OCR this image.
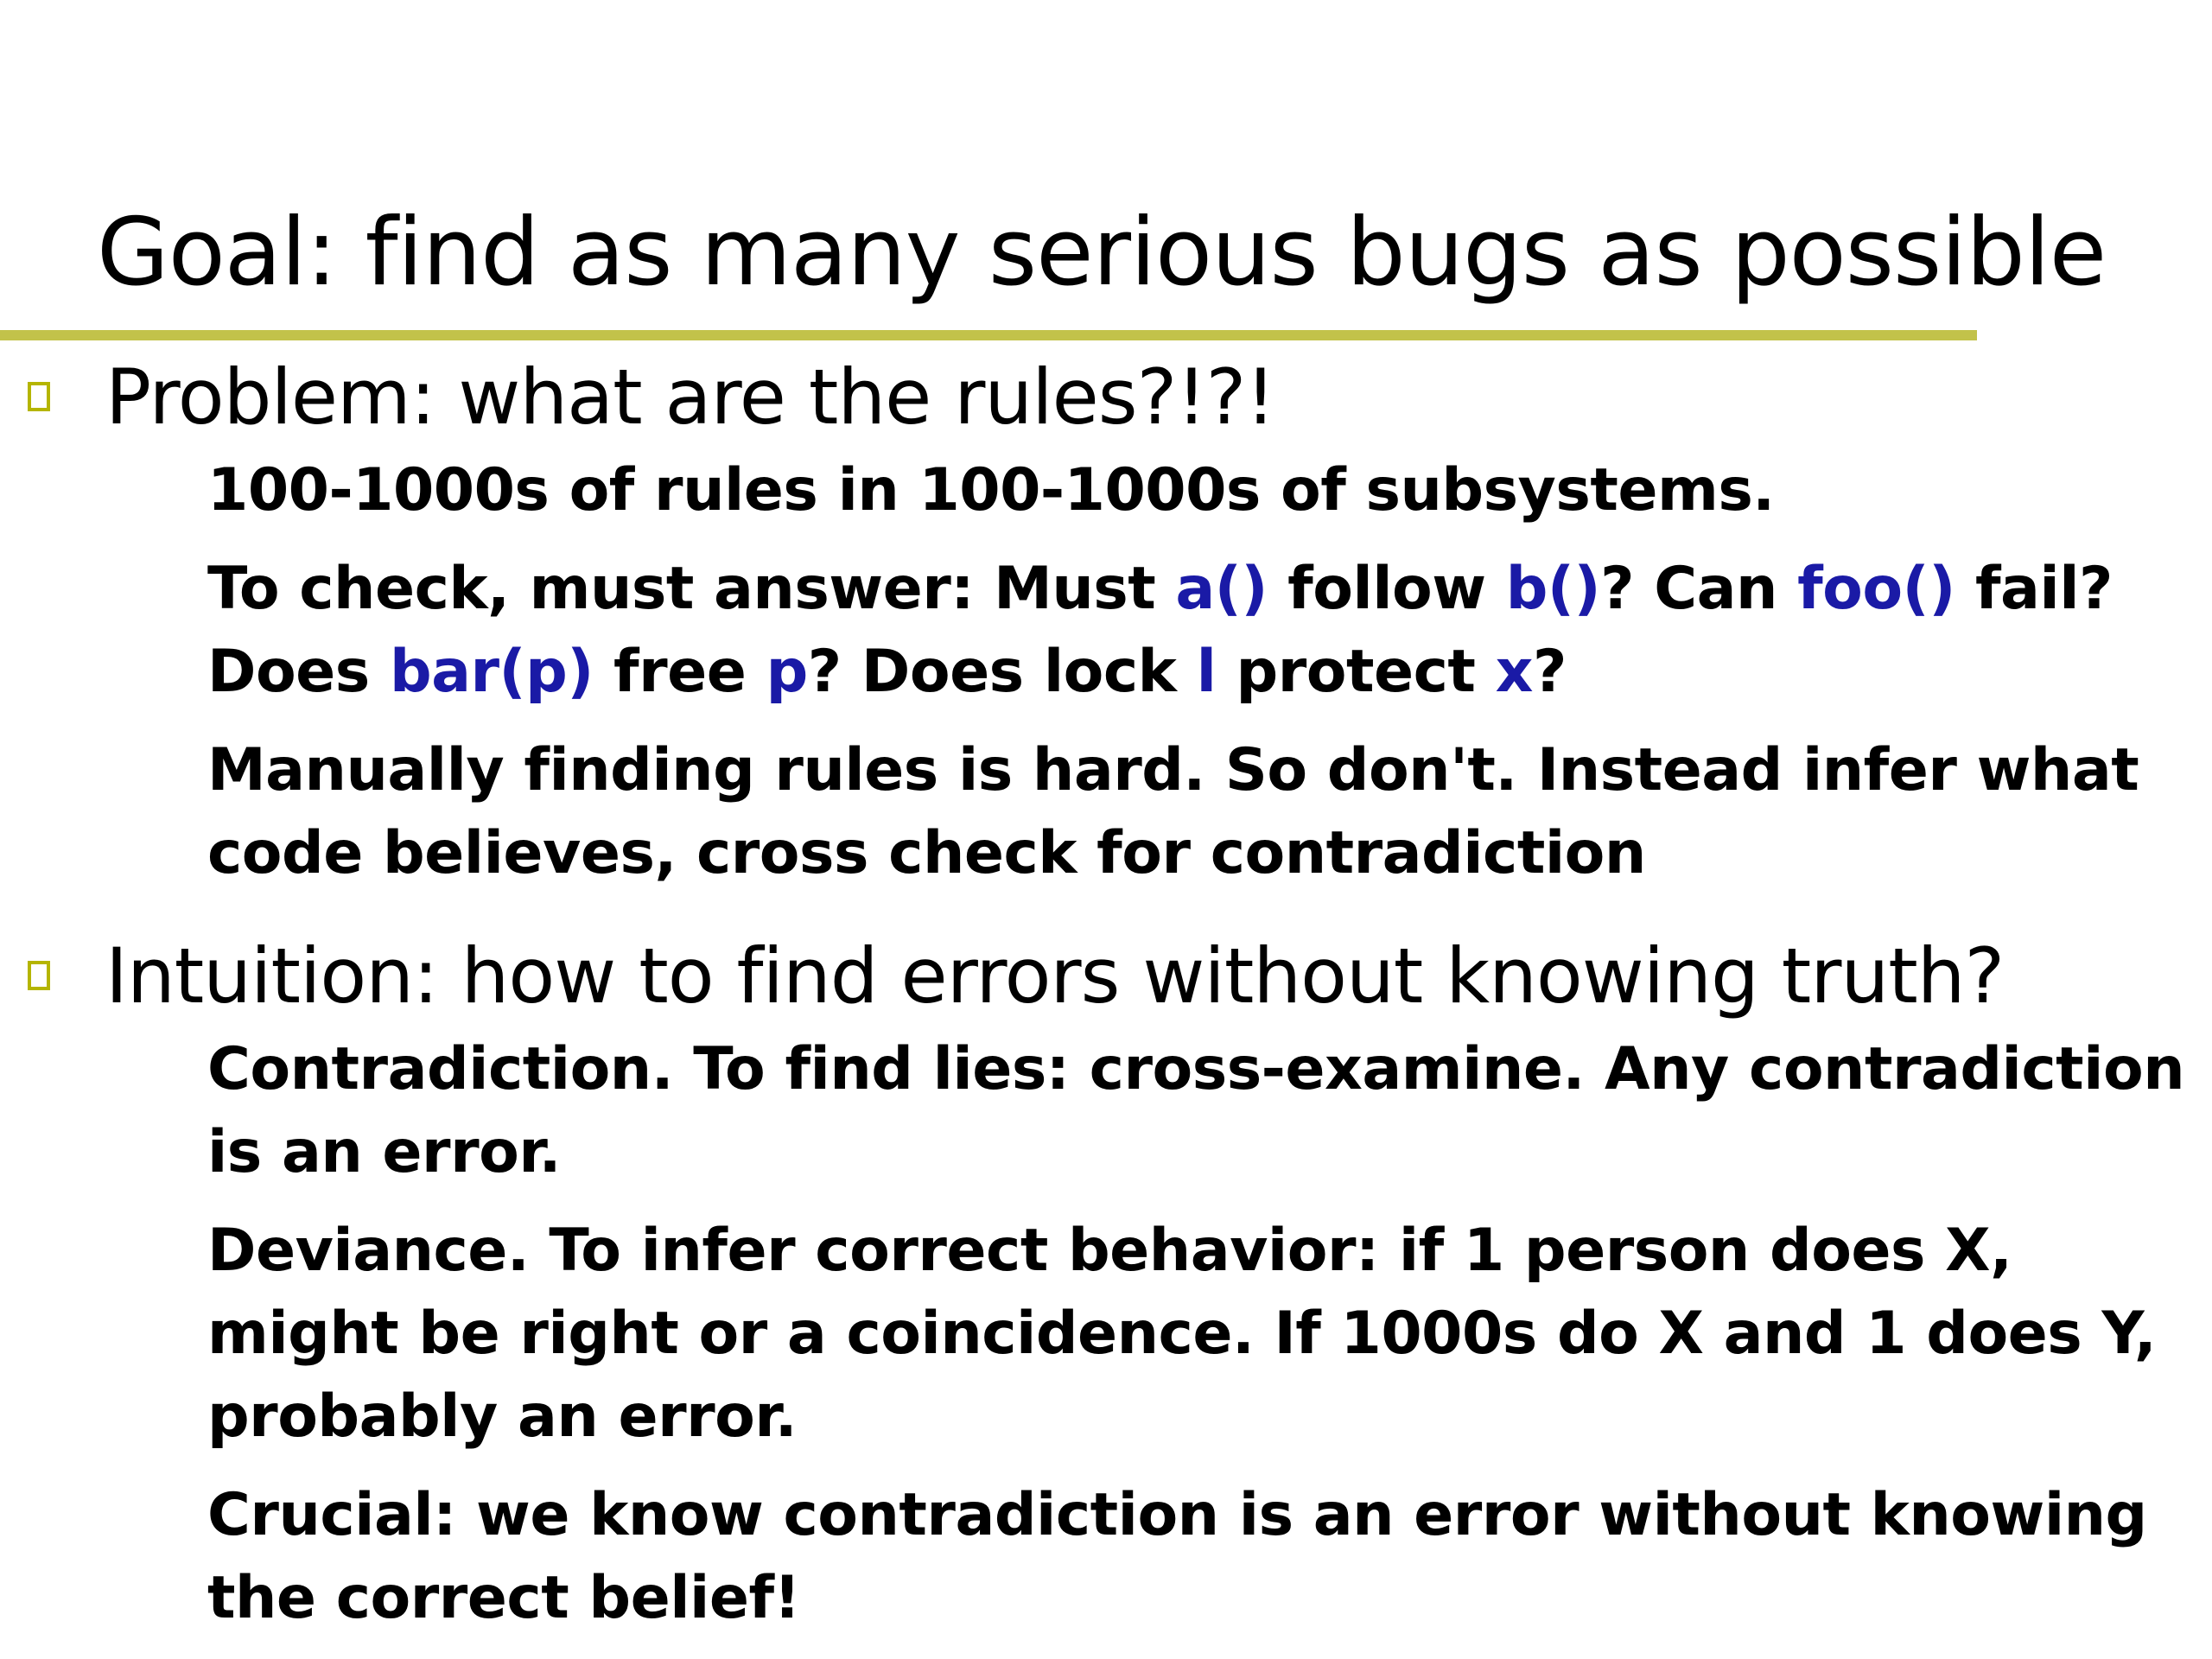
Goal: find as many serious bugs as possible
Problem: what are the rules?!?!

100-1000s of rules in 100-1000s of subsystems.

To check, must answer: Must a() follow b()? Can foo() fail? Does bar(p) free p? Does lock l protect x?

Manually finding rules is hard. So don't. Instead infer what code believes, cross check for contradiction

Intuition: how to find errors without knowing truth?

Contradiction. To find lies: cross-examine. Any contradiction is an error.

Deviance. To infer correct behavior: if 1 person does X, might be right or a coincidence. If 1000s do X and 1 does Y, probably an error.

Crucial: we know contradiction is an error without knowing the correct belief!
